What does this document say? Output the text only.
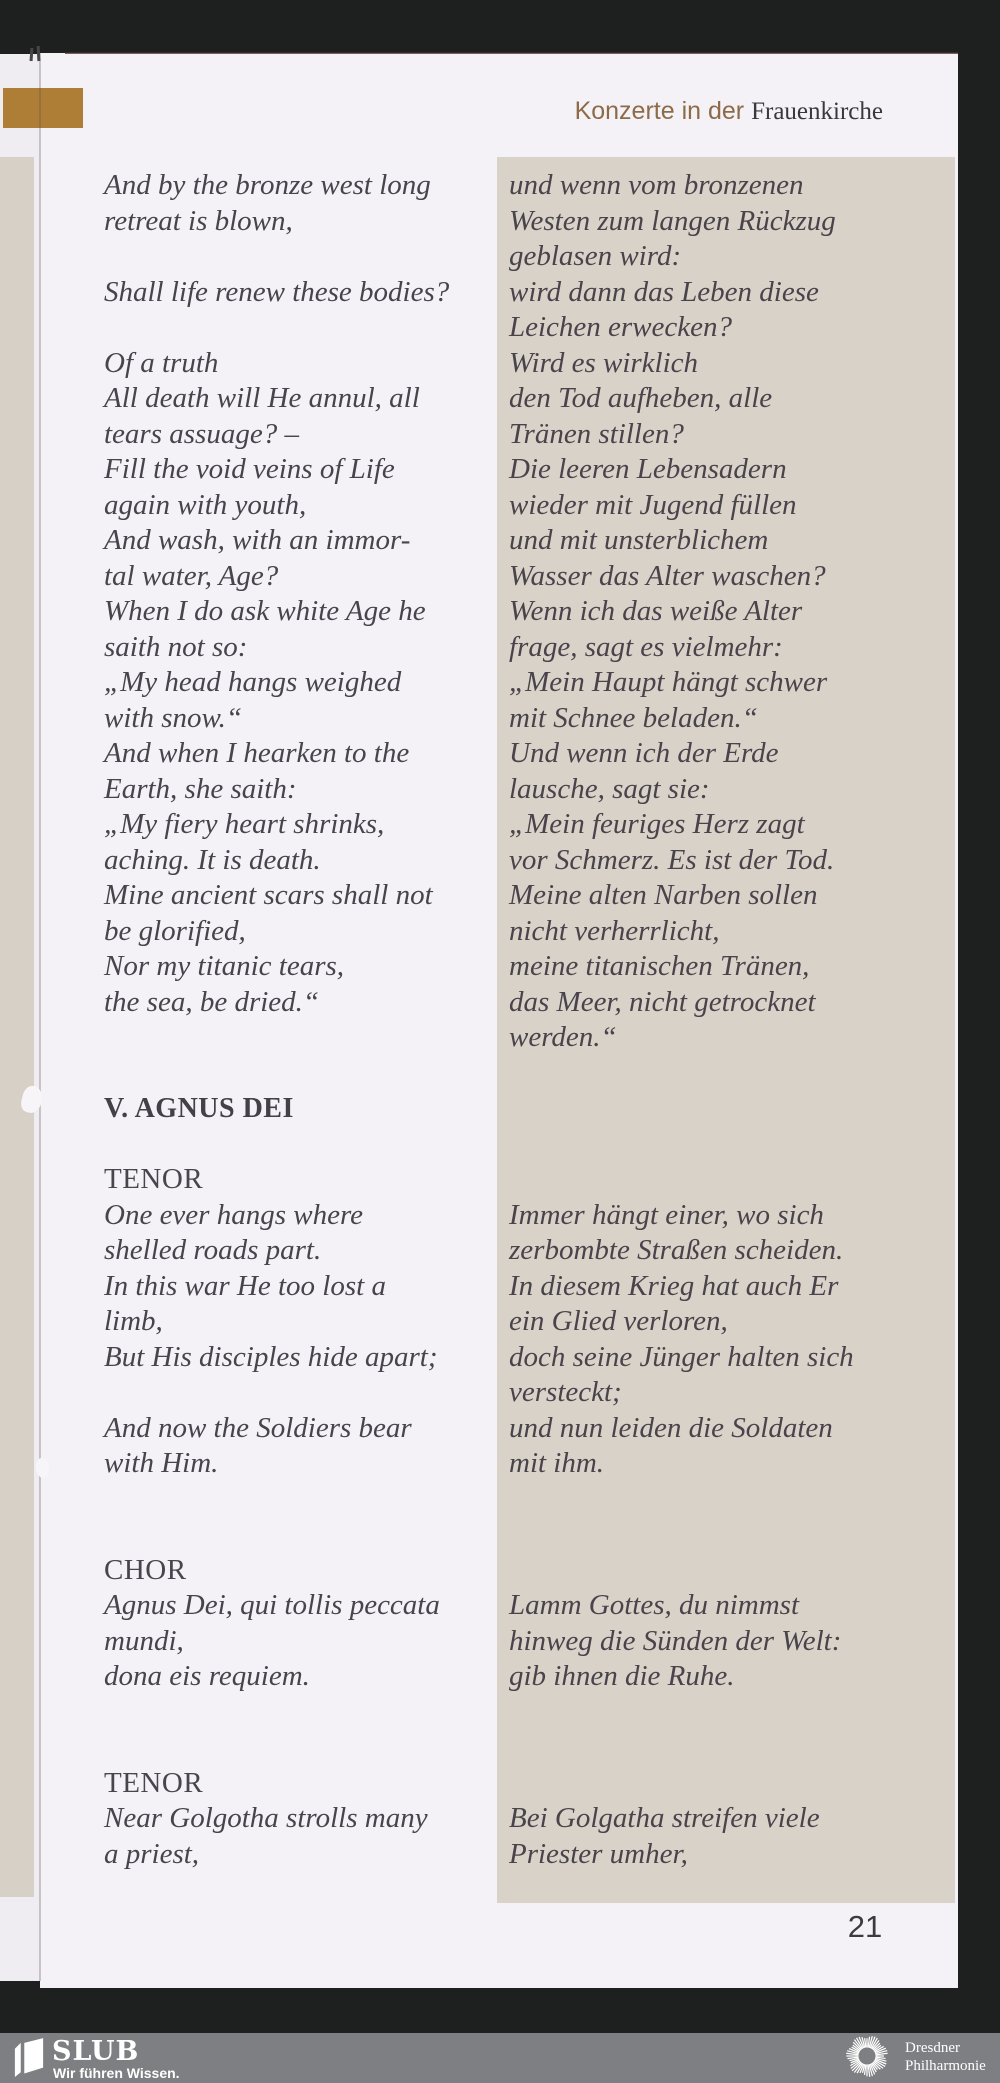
Konzerte in der Frauenkirche
And by the bronze west long
retreat is blown,
Shall life renew these bodies?
Of a truth
All death will He annul, all
tears assuage? –
Fill the void veins of Life
again with youth,
And wash, with an immor-
tal water, Age?
When I do ask white Age he
saith not so:
„My head hangs weighed
with snow.“
And when I hearken to the
Earth, she saith:
„My fiery heart shrinks,
aching. It is death.
Mine ancient scars shall not
be glorified,
Nor my titanic tears,
the sea, be dried.“
V. AGNUS DEI
TENOR
One ever hangs where
shelled roads part.
In this war He too lost a
limb,
But His disciples hide apart;
And now the Soldiers bear
with Him.
CHOR
Agnus Dei, qui tollis peccata
mundi,
dona eis requiem.
TENOR
Near Golgotha strolls many
a priest,
und wenn vom bronzenen
Westen zum langen Rückzug
geblasen wird:
wird dann das Leben diese
Leichen erwecken?
Wird es wirklich
den Tod aufheben, alle
Tränen stillen?
Die leeren Lebensadern
wieder mit Jugend füllen
und mit unsterblichem
Wasser das Alter waschen?
Wenn ich das weiße Alter
frage, sagt es vielmehr:
„Mein Haupt hängt schwer
mit Schnee beladen.“
Und wenn ich der Erde
lausche, sagt sie:
„Mein feuriges Herz zagt
vor Schmerz. Es ist der Tod.
Meine alten Narben sollen
nicht verherrlicht,
meine titanischen Tränen,
das Meer, nicht getrocknet
werden.“
Immer hängt einer, wo sich
zerbombte Straßen scheiden.
In diesem Krieg hat auch Er
ein Glied verloren,
doch seine Jünger halten sich
versteckt;
und nun leiden die Soldaten
mit ihm.
Lamm Gottes, du nimmst
hinweg die Sünden der Welt:
gib ihnen die Ruhe.
Bei Golgatha streifen viele
Priester umher,
21
SLUB
Wir führen Wissen.
Dresdner
Philharmonie
